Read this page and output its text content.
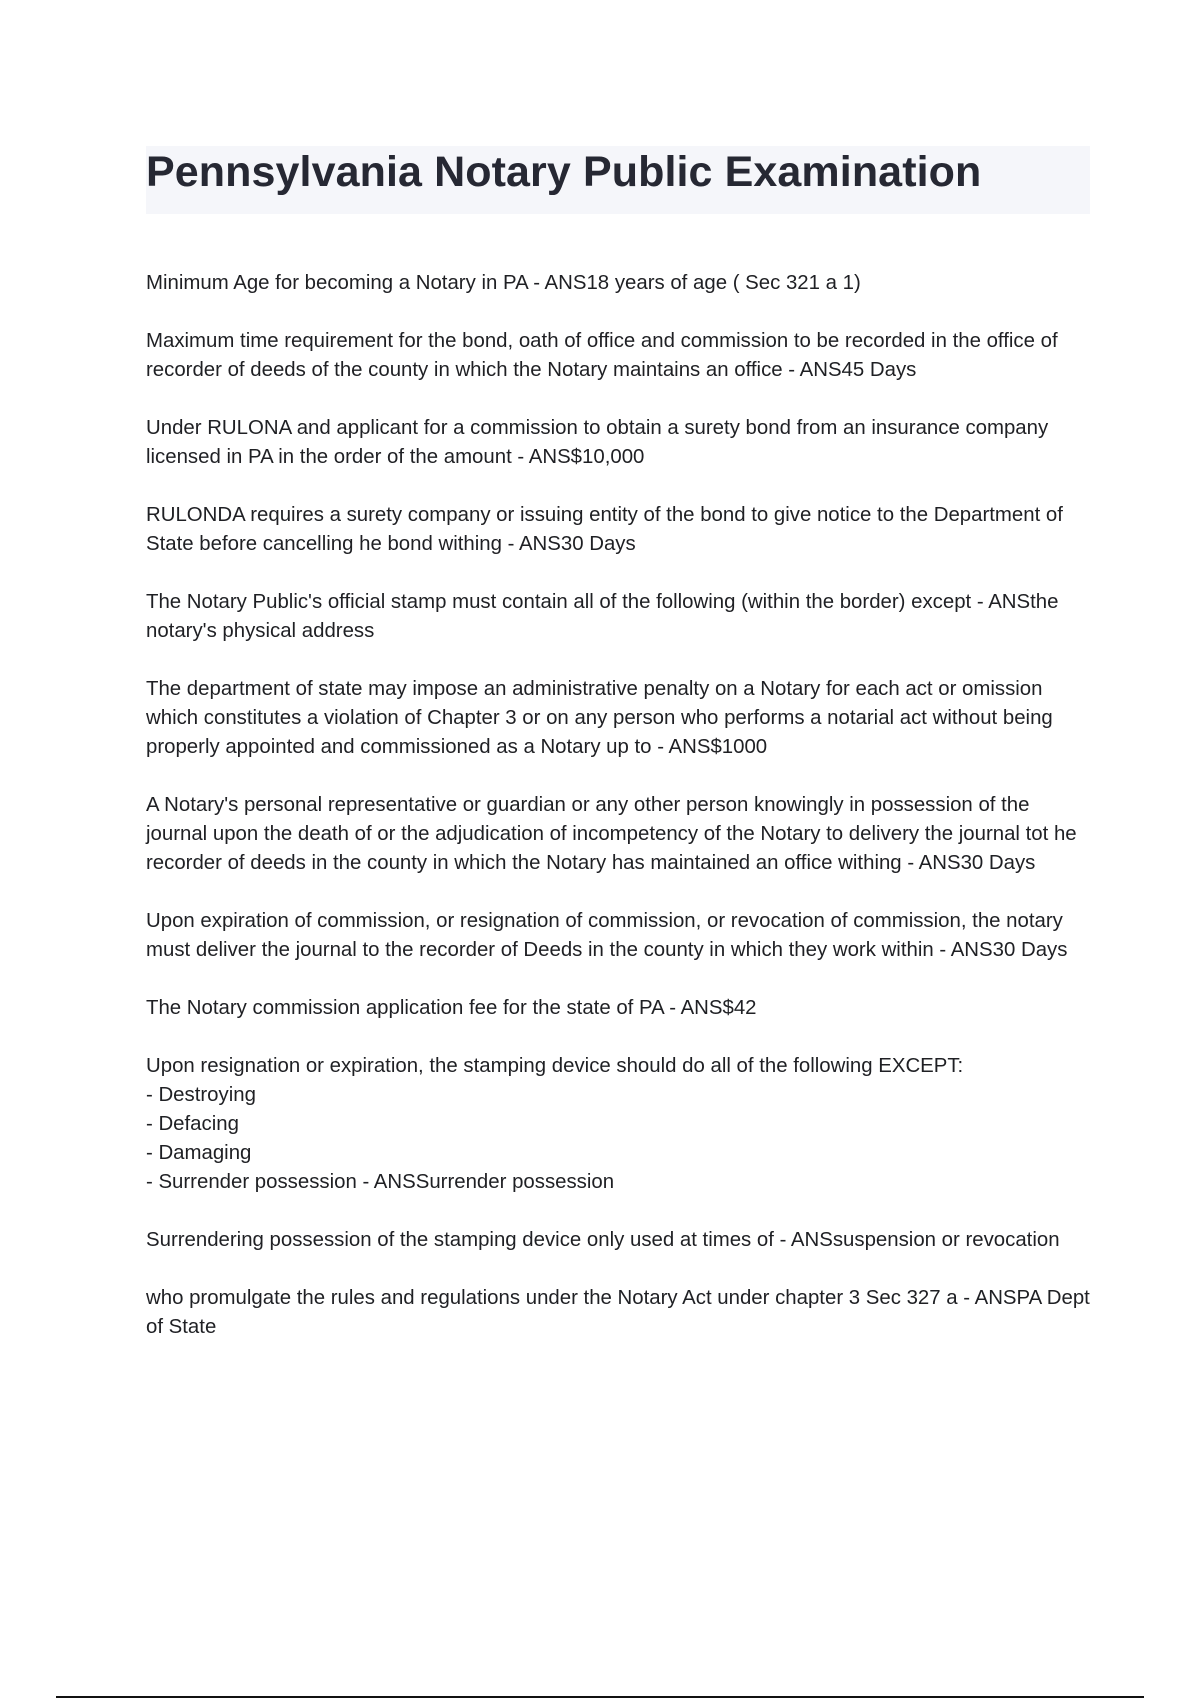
Pennsylvania Notary Public Examination

Minimum Age for becoming a Notary in PA - ANS18 years of age ( Sec 321 a 1)

Maximum time requirement for the bond, oath of office and commission to be recorded in the office of recorder of deeds of the county in which the Notary maintains an office - ANS45 Days

Under RULONA and applicant for a commission to obtain a surety bond from an insurance company licensed in PA in the order of the amount - ANS$10,000

RULONDA requires a surety company or issuing entity of the bond to give notice to the Department of State before cancelling he bond withing - ANS30 Days

The Notary Public's official stamp must contain all of the following (within the border) except - ANSthe notary's physical address

The department of state may impose an administrative penalty on a Notary for each act or omission which constitutes a violation of Chapter 3 or on any person who performs a notarial act without being properly appointed and commissioned as a Notary up to - ANS$1000

A Notary's personal representative or guardian or any other person knowingly in possession of the journal upon the death of or the adjudication of incompetency of the Notary to delivery the journal tot he recorder of deeds in the county in which the Notary has maintained an office withing - ANS30 Days

Upon expiration of commission, or resignation of commission, or revocation of commission, the notary must deliver the journal to the recorder of Deeds in the county in which they work within - ANS30 Days

The Notary commission application fee for the state of PA - ANS$42

Upon resignation or expiration, the stamping device should do all of the following EXCEPT:
- Destroying
- Defacing
- Damaging
- Surrender possession - ANSSurrender possession

Surrendering possession of the stamping device only used at times of - ANSsuspension or revocation

who promulgate the rules and regulations under the Notary Act under chapter 3 Sec 327 a - ANSPA Dept of State
